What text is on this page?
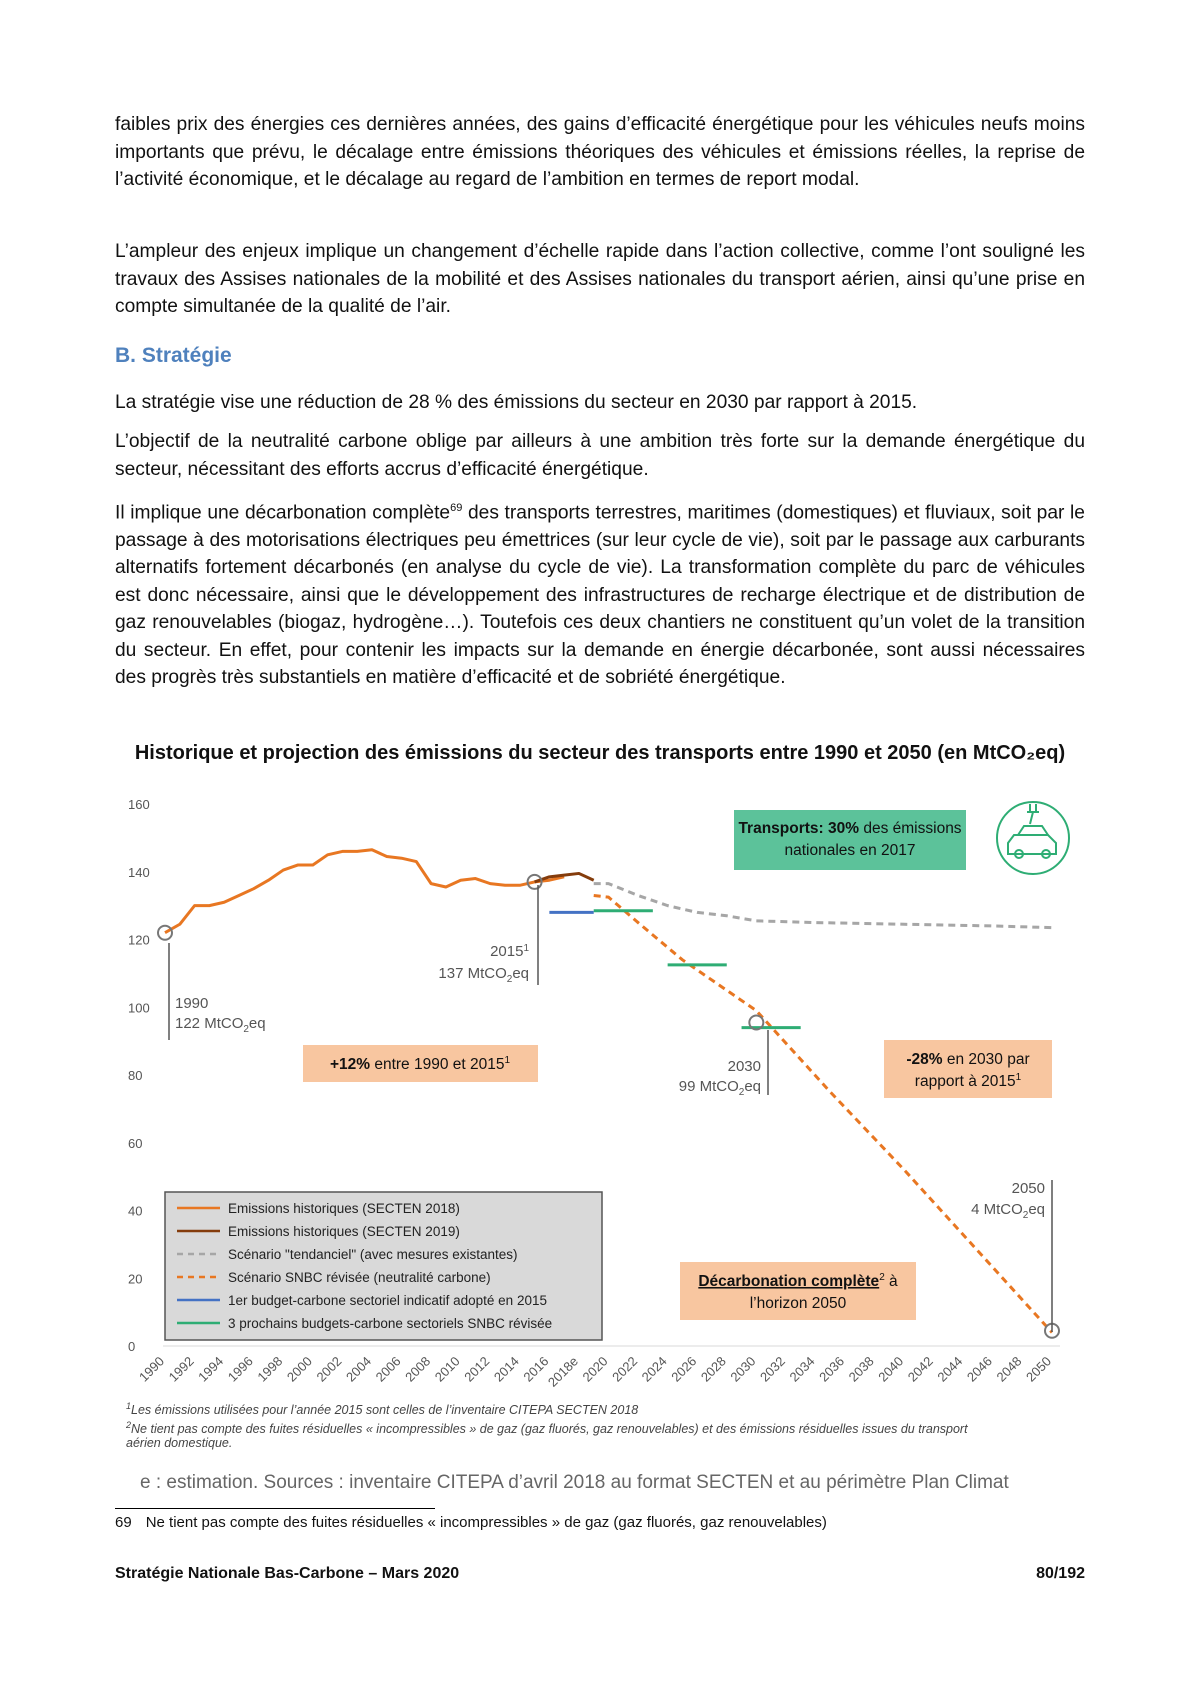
faibles prix des énergies ces dernières années, des gains d’efficacité énergétique pour les véhicules neufs moins importants que prévu, le décalage entre émissions théoriques des véhicules et émissions réelles, la reprise de l’activité économique, et le décalage au regard de l’ambition en termes de report modal.

L’ampleur des enjeux implique un changement d’échelle rapide dans l’action collective, comme l’ont souligné les travaux des Assises nationales de la mobilité et des Assises nationales du transport aérien, ainsi qu’une prise en compte simultanée de la qualité de l’air.

B. Stratégie

La stratégie vise une réduction de 28 % des émissions du secteur en 2030 par rapport à 2015.

L’objectif de la neutralité carbone oblige par ailleurs à une ambition très forte sur la demande énergétique du secteur, nécessitant des efforts accrus d’efficacité énergétique.

Il implique une décarbonation complète$^{69}$ des transports terrestres, maritimes (domestiques) et fluviaux, soit par le passage à des motorisations électriques peu émettrices (sur leur cycle de vie), soit par le passage aux carburants alternatifs fortement décarbonés (en analyse du cycle de vie). La transformation complète du parc de véhicules est donc nécessaire, ainsi que le développement des infrastructures de recharge électrique et de distribution de gaz renouvelables (biogaz, hydrogène…). Toutefois ces deux chantiers ne constituent qu’un volet de la transition du secteur. En effet, pour contenir les impacts sur la demande en énergie décarbonée, sont aussi nécessaires des progrès très substantiels en matière d’efficacité et de sobriété énergétique.

Historique et projection des émissions du secteur des transports entre 1990 et 2050 (en MtCO₂eq)
0
20
40
60
80
100
120
140
160
1990
1992
1994
1996
1998
2000
2002
2004
2006
2008
2010
2012
2014
2016
2018e
2020
2022
2024
2026
2028
2030
2032
2034
2036
2038
2040
2042
2044
2046
2048
2050
1990
122 MtCO$_2$eq
2015$^1$
137 MtCO$_2$eq
2030
99 MtCO$_2$eq
2050
4 MtCO$_2$eq
Transports: 30% des émissions
nationales en 2017
+12% entre 1990 et 2015$^1$	-28% en 2030 par
rapport à 2015$^1$
Décarbonation complète$^2$ à
l’horizon 2050
Emissions historiques (SECTEN 2018)
Emissions historiques (SECTEN 2019)
Scénario "tendanciel" (avec mesures existantes)
Scénario SNBC révisée (neutralité carbone)
1er budget-carbone sectoriel indicatif adopté en 2015
3 prochains budgets-carbone sectoriels SNBC révisée
$^1$Les émissions utilisées pour l’année 2015 sont celles de l’inventaire CITEPA SECTEN 2018
$^2$Ne tient pas compte des fuites résiduelles « incompressibles » de gaz (gaz fluorés, gaz renouvelables) et des émissions résiduelles issues du transport
aérien domestique.
e : estimation. Sources : inventaire CITEPA d’avril 2018 au format SECTEN et au périmètre Plan Climat
69 Ne tient pas compte des fuites résiduelles « incompressibles » de gaz (gaz fluorés, gaz renouvelables)
Stratégie Nationale Bas-Carbone – Mars 2020	80/192
